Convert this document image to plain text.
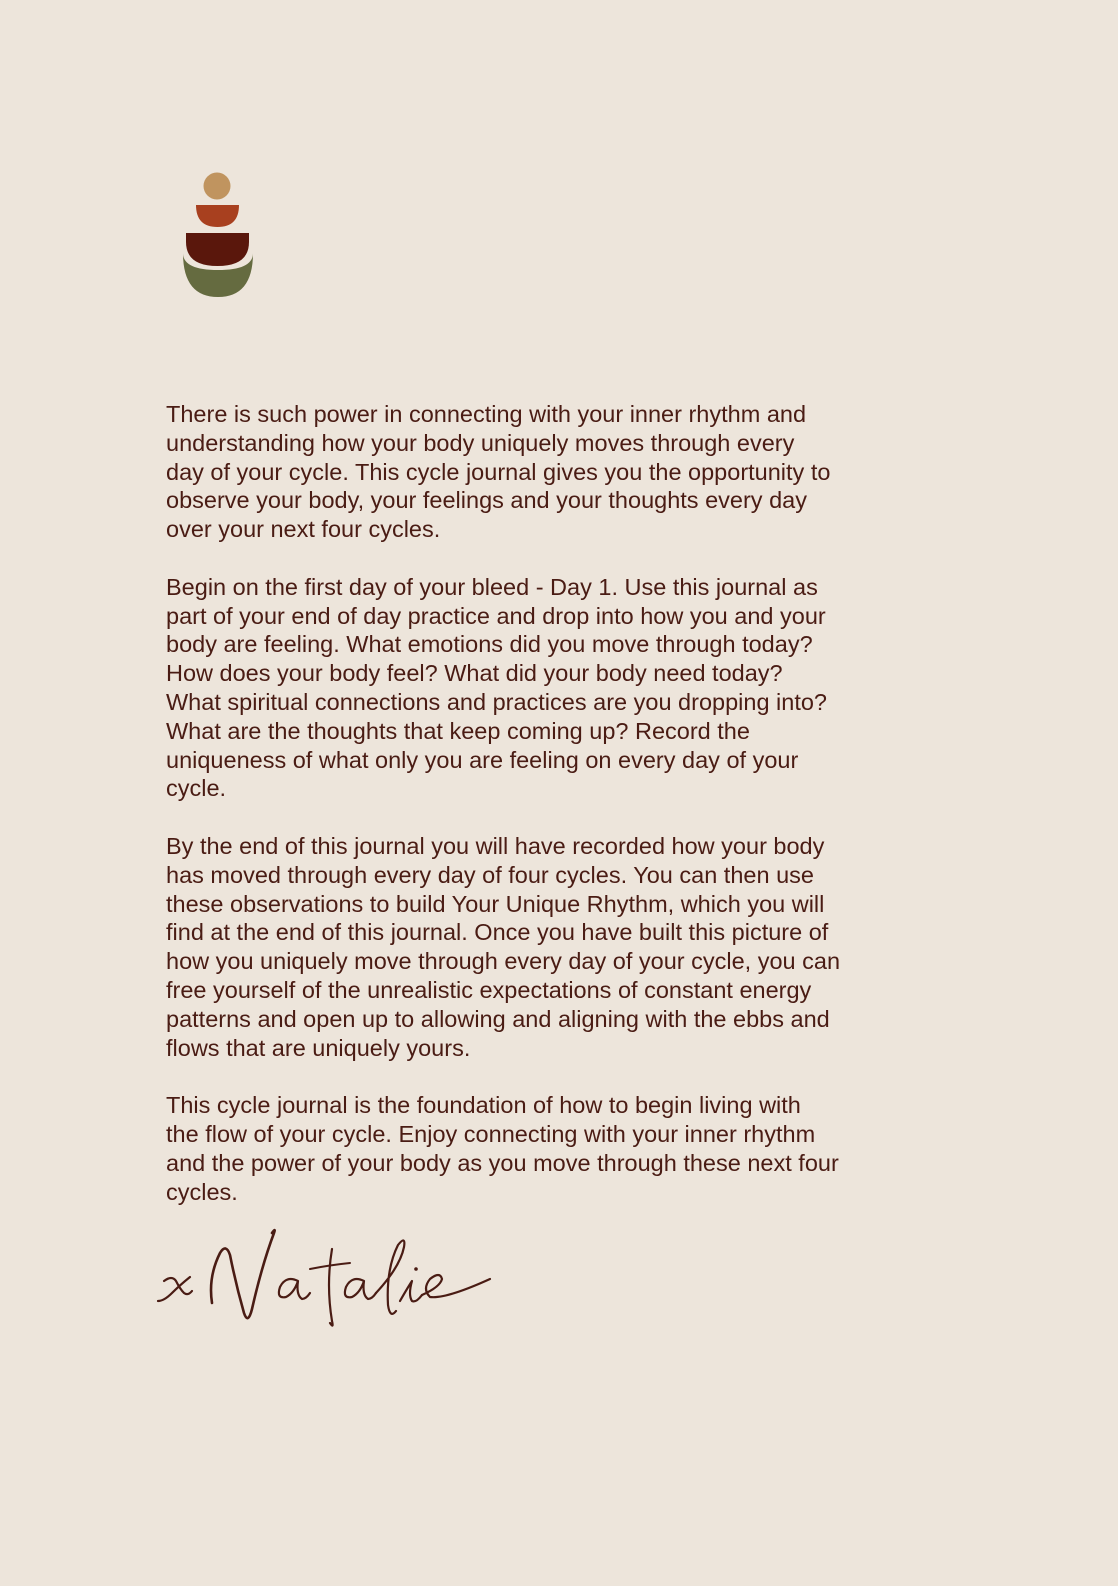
There is such power in connecting with your inner rhythm and
understanding how your body uniquely moves through every
day of your cycle. This cycle journal gives you the opportunity to
observe your body, your feelings and your thoughts every day
over your next four cycles.

Begin on the first day of your bleed - Day 1. Use this journal as
part of your end of day practice and drop into how you and your
body are feeling. What emotions did you move through today?
How does your body feel? What did your body need today?
What spiritual connections and practices are you dropping into?
What are the thoughts that keep coming up? Record the
uniqueness of what only you are feeling on every day of your
cycle.

By the end of this journal you will have recorded how your body
has moved through every day of four cycles. You can then use
these observations to build Your Unique Rhythm, which you will
find at the end of this journal. Once you have built this picture of
how you uniquely move through every day of your cycle, you can
free yourself of the unrealistic expectations of constant energy
patterns and open up to allowing and aligning with the ebbs and
flows that are uniquely yours.

This cycle journal is the foundation of how to begin living with
the flow of your cycle. Enjoy connecting with your inner rhythm
and the power of your body as you move through these next four
cycles.
